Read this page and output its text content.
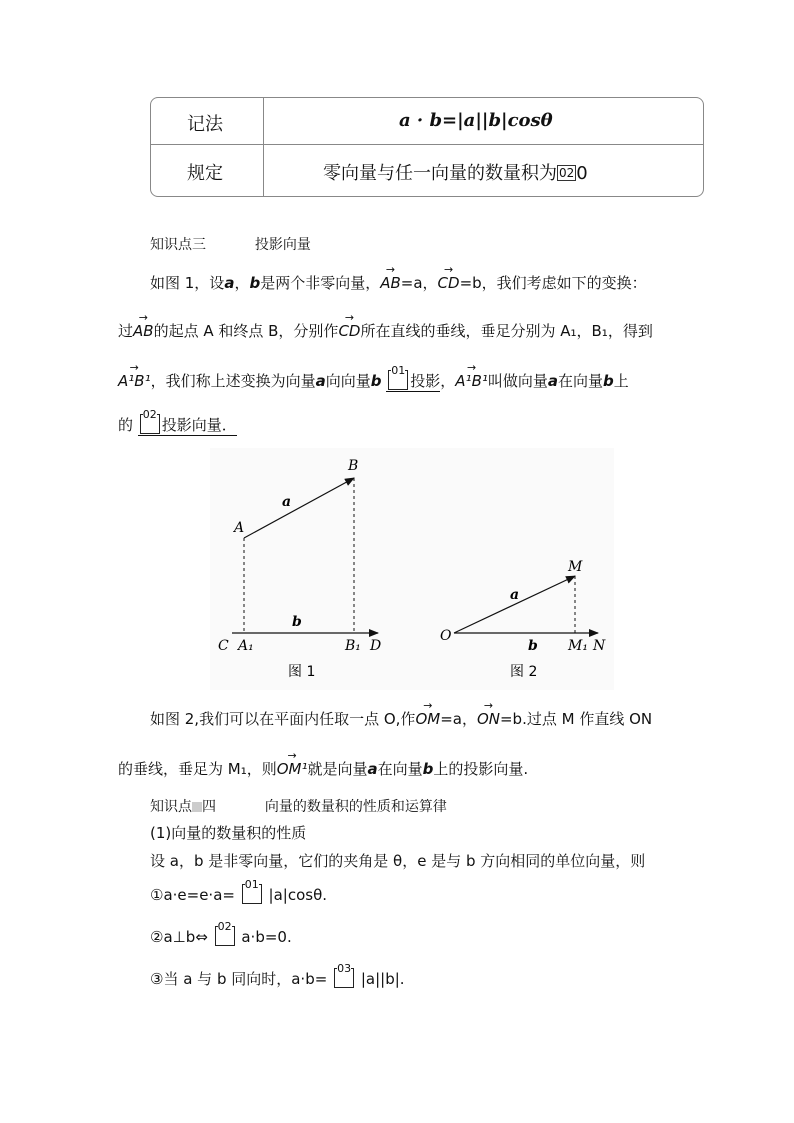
记法	a · b=|a||b|cosθ
规定	零向量与任一向量的数量积为 02 0
知识点三	投影向量
如图 1，设a，b是两个非零向量，→ AB=a，→ CD=b，我们考虑如下的变换：
过→ AB的起点 A 和终点 B，分别作→ CD所在直线的垂线，垂足分别为 A₁，B₁，得到
→ A¹B¹，我们称上述变换为向量a向向量b
01
投影，→ A¹B¹叫做向量a在向量b上
的
02
投影向量．
B
A
a
b
C A₁	B₁ D
图 1
M
a
O
b M₁ N
图 2
如图 2,我们可以在平面内任取一点 O,作→ OM=a，→ ON=b.过点 M 作直线 ON
的垂线，垂足为 M₁，则→ OM¹就是向量a在向量b上的投影向量.
知识点 四	向量的数量积的性质和运算律
(1)向量的数量积的性质
设 a，b 是非零向量，它们的夹角是 θ，e 是与 b 方向相同的单位向量，则
①a·e=e·a=
01
|a|cosθ.
②a⊥b⇔
02
a·b=0.
③当 a 与 b 同向时，a·b=
03
|a||b|.
